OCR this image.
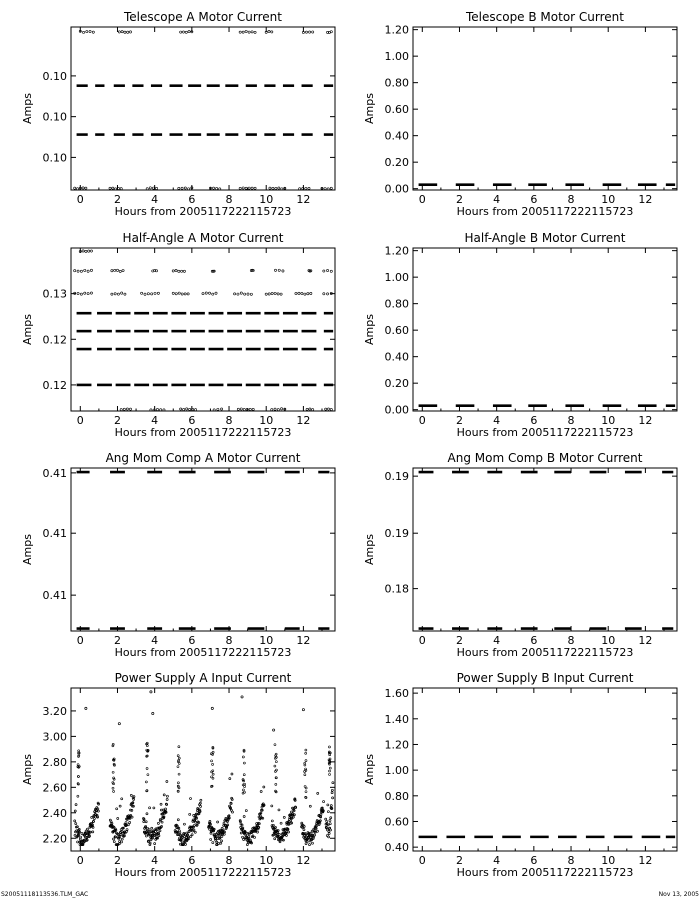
Telescope A Motor Current
0	2	4	6	8 10 12
0.10
0.10
0.10
Hours from 2005117222115723
Amps
Telescope B Motor Current
0	2	4	6	8 10 12
0.00
0.20
0.40
0.60
0.80
1.00
1.20
Hours from 2005117222115723
Amps
Half-Angle A Motor Current
0	2	4	6	8 10 12
0.12
0.12
0.13
Hours from 2005117222115723
Amps
Half-Angle B Motor Current
0	2	4	6	8 10 12
0.00
0.20
0.40
0.60
0.80
1.00
1.20
Hours from 2005117222115723
Amps
Ang Mom Comp A Motor Current
0	2	4	6	8 10 12
0.41
0.41
0.41
Hours from 2005117222115723
Amps
Ang Mom Comp B Motor Current
0	2	4	6	8 10 12
0.18
0.19
0.19
Hours from 2005117222115723
Amps
Power Supply A Input Current
0	2	4	6	8 10 12
2.20
2.40
2.60
2.80
3.00
3.20
Hours from 2005117222115723
Amps
Power Supply B Input Current
0	2	4	6	8 10 12
0.40
0.60
0.80
1.00
1.20
1.40
1.60
Hours from 2005117222115723
Amps
S20051118113536.TLM_GAC	Nov 13, 2005
